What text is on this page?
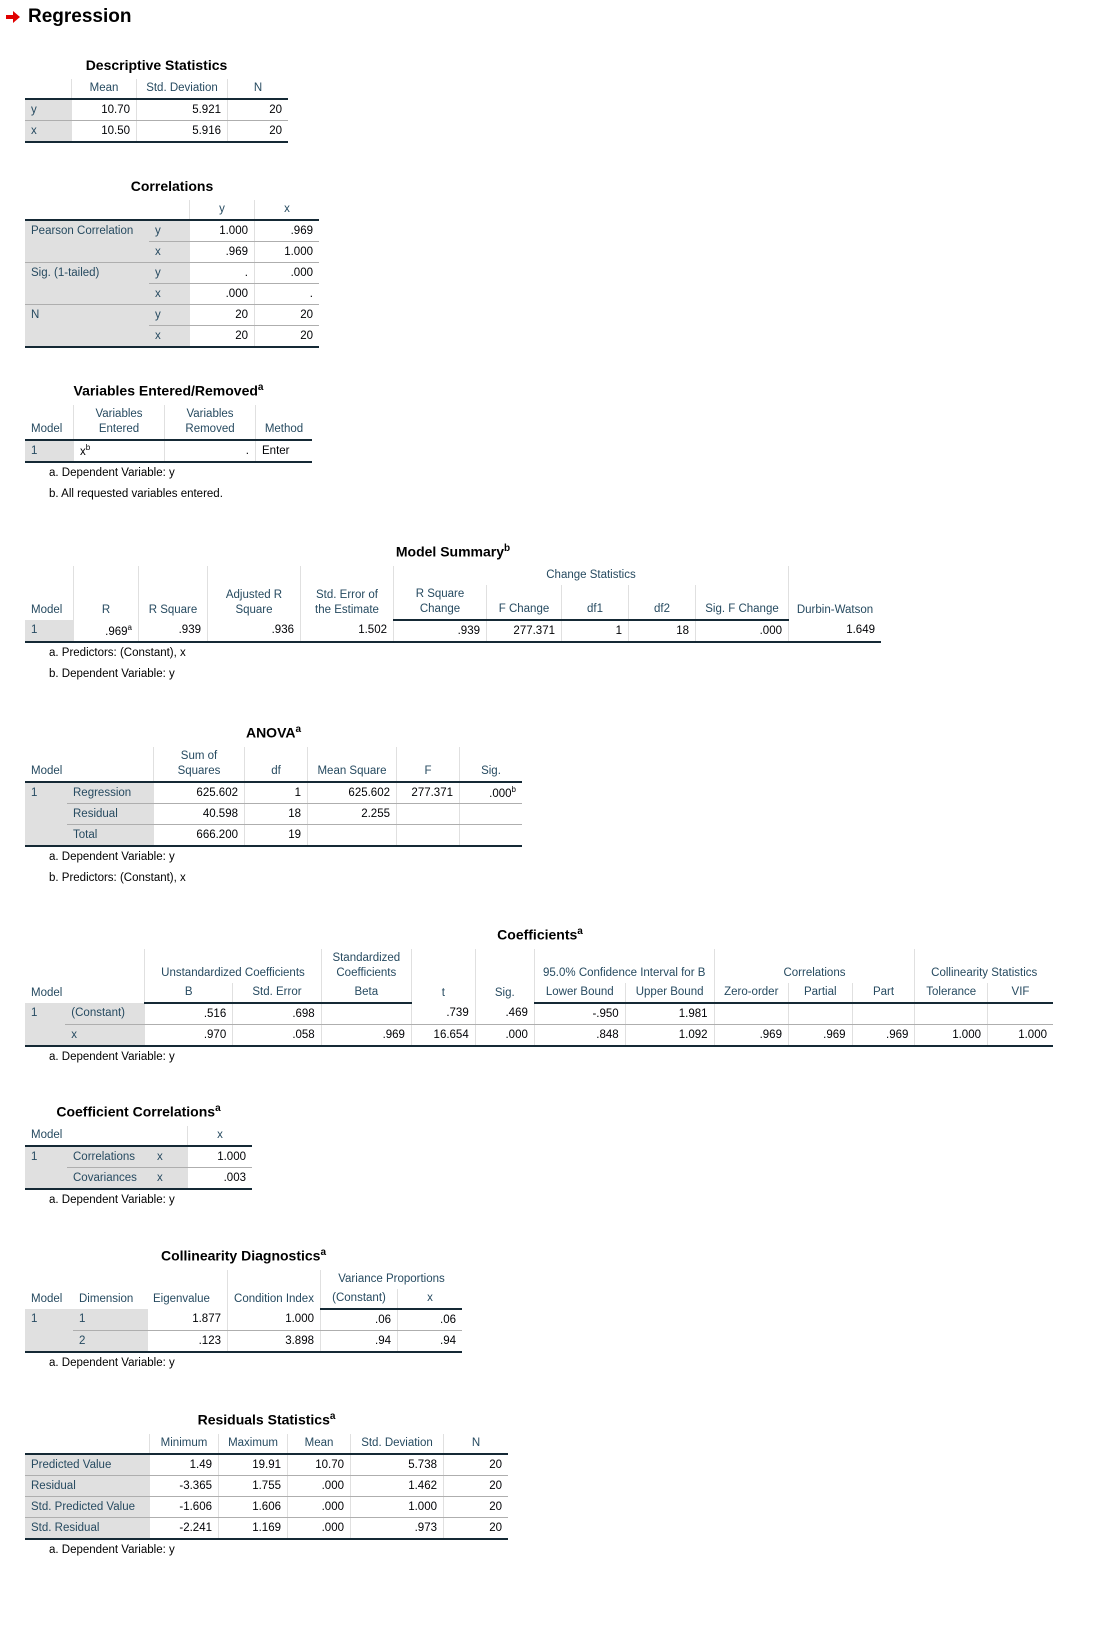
Regression
Descriptive Statistics
	Mean	Std. Deviation	N
y	10.70	5.921	20
x	10.50	5.916	20
Correlations
		y	x
Pearson Correlation	y	1.000	.969
	x	.969	1.000
Sig. (1-tailed)	y	.	.000
	x	.000	.
N	y	20	20
	x	20	20
Variables Entered/Removed$^a$
Model	Variables Entered	Variables Removed	Method
1	$x^b$	.	Enter
a. Dependent Variable: y
b. All requested variables entered.
Model Summary$^b$
Model	R	R Square	Adjusted R Square	Std. Error of the Estimate	Change Statistics					Durbin-Watson
					R Square Change	F Change	df1	df2	Sig. F Change	
1	.969$^a$	.939	.936	1.502	.939	277.371	1	18	.000	1.649
a. Predictors: (Constant), x
b. Dependent Variable: y
ANOVA$^a$
Model		Sum of Squares	df	Mean Square	F	Sig.
1	Regression	625.602	1	625.602	277.371	.000$^b$
	Residual	40.598	18	2.255		
	Total	666.200	19			
a. Dependent Variable: y
b. Predictors: (Constant), x
Coefficients$^a$
Model		Unstandardized Coefficients		Standardized Coefficients	t	Sig.	95.0% Confidence Interval for B		Correlations			Collinearity Statistics	
		B	Std. Error	Beta			Lower Bound	Upper Bound	Zero-order	Partial	Part	Tolerance	VIF
1	(Constant)	.516	.698		.739	.469	-.950	1.981					
	x	.970	.058	.969	16.654	.000	.848	1.092	.969	.969	.969	1.000	1.000
a. Dependent Variable: y
Coefficient Correlations$^a$
Model			x
1	Correlations	x	1.000
	Covariances	x	.003
a. Dependent Variable: y
Collinearity Diagnostics$^a$
Model	Dimension	Eigenvalue	Condition Index	Variance Proportions	
				(Constant)	x
1	1	1.877	1.000	.06	.06
	2	.123	3.898	.94	.94
a. Dependent Variable: y
Residuals Statistics$^a$
	Minimum	Maximum	Mean	Std. Deviation	N
Predicted Value	1.49	19.91	10.70	5.738	20
Residual	-3.365	1.755	.000	1.462	20
Std. Predicted Value	-1.606	1.606	.000	1.000	20
Std. Residual	-2.241	1.169	.000	.973	20
a. Dependent Variable: y
